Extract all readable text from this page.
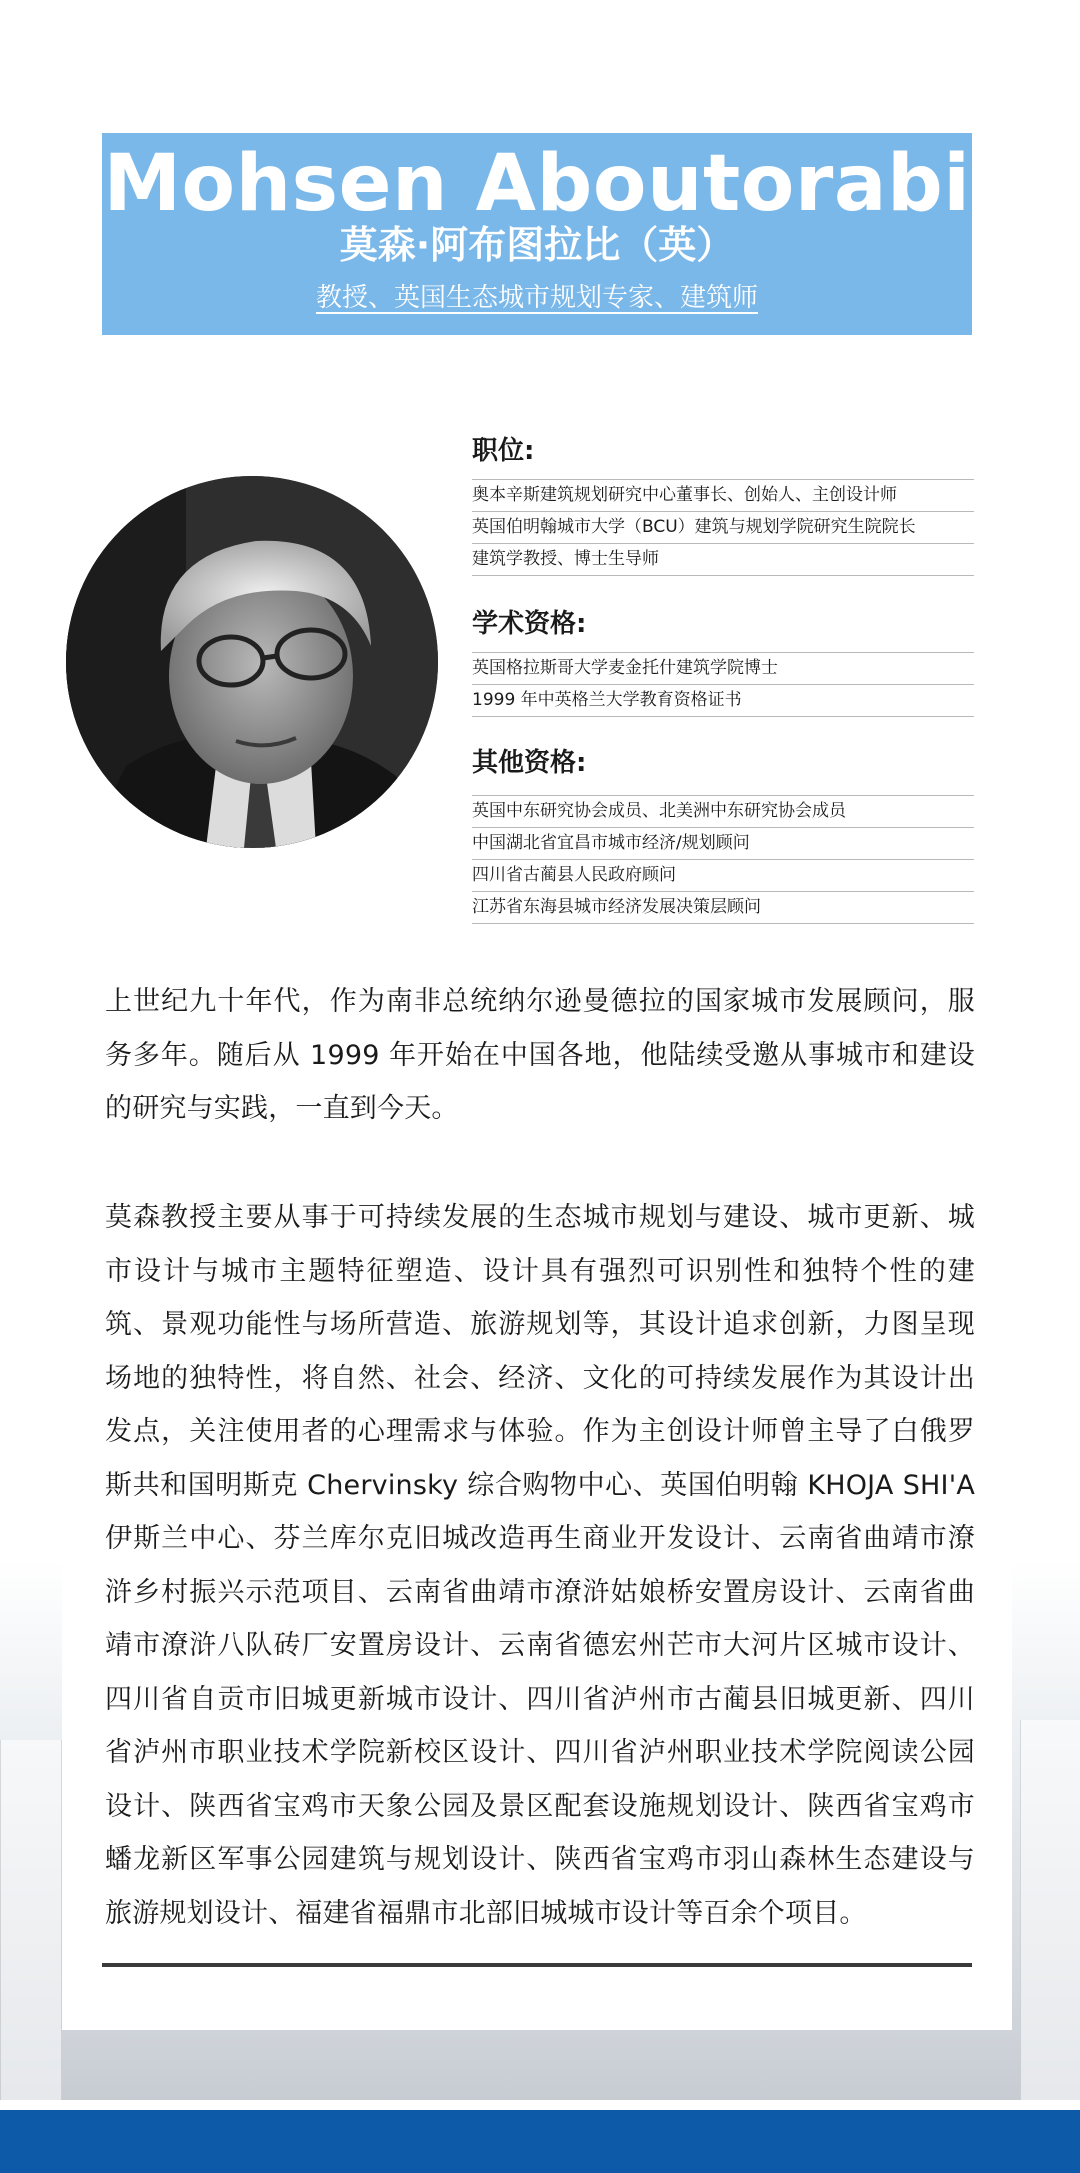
Mohsen Aboutorabi
莫森·阿布图拉比（英）
教授、英国生态城市规划专家、建筑师
职位:
奥本辛斯建筑规划研究中心董事长、创始人、主创设计师
英国伯明翰城市大学（BCU）建筑与规划学院研究生院院长
建筑学教授、博士生导师
学术资格:
英国格拉斯哥大学麦金托什建筑学院博士
1999 年中英格兰大学教育资格证书
其他资格:
英国中东研究协会成员、北美洲中东研究协会成员
中国湖北省宜昌市城市经济/规划顾问
四川省古蔺县人民政府顾问
江苏省东海县城市经济发展决策层顾问
上世纪九十年代，作为南非总统纳尔逊曼德拉的国家城市发展顾问，服务多年。随后从 1999 年开始在中国各地，他陆续受邀从事城市和建设的研究与实践，一直到今天。
莫森教授主要从事于可持续发展的生态城市规划与建设、城市更新、城市设计与城市主题特征塑造、设计具有强烈可识别性和独特个性的建筑、景观功能性与场所营造、旅游规划等，其设计追求创新，力图呈现场地的独特性，将自然、社会、经济、文化的可持续发展作为其设计出发点，关注使用者的心理需求与体验。作为主创设计师曾主导了白俄罗斯共和国明斯克 Chervinsky 综合购物中心、英国伯明翰 KHOJA SHI'A 伊斯兰中心、芬兰库尔克旧城改造再生商业开发设计、云南省曲靖市潦浒乡村振兴示范项目、云南省曲靖市潦浒姑娘桥安置房设计、云南省曲靖市潦浒八队砖厂安置房设计、云南省德宏州芒市大河片区城市设计、四川省自贡市旧城更新城市设计、四川省泸州市古蔺县旧城更新、四川省泸州市职业技术学院新校区设计、四川省泸州职业技术学院阅读公园设计、陕西省宝鸡市天象公园及景区配套设施规划设计、陕西省宝鸡市蟠龙新区军事公园建筑与规划设计、陕西省宝鸡市羽山森林生态建设与旅游规划设计、福建省福鼎市北部旧城城市设计等百余个项目。
